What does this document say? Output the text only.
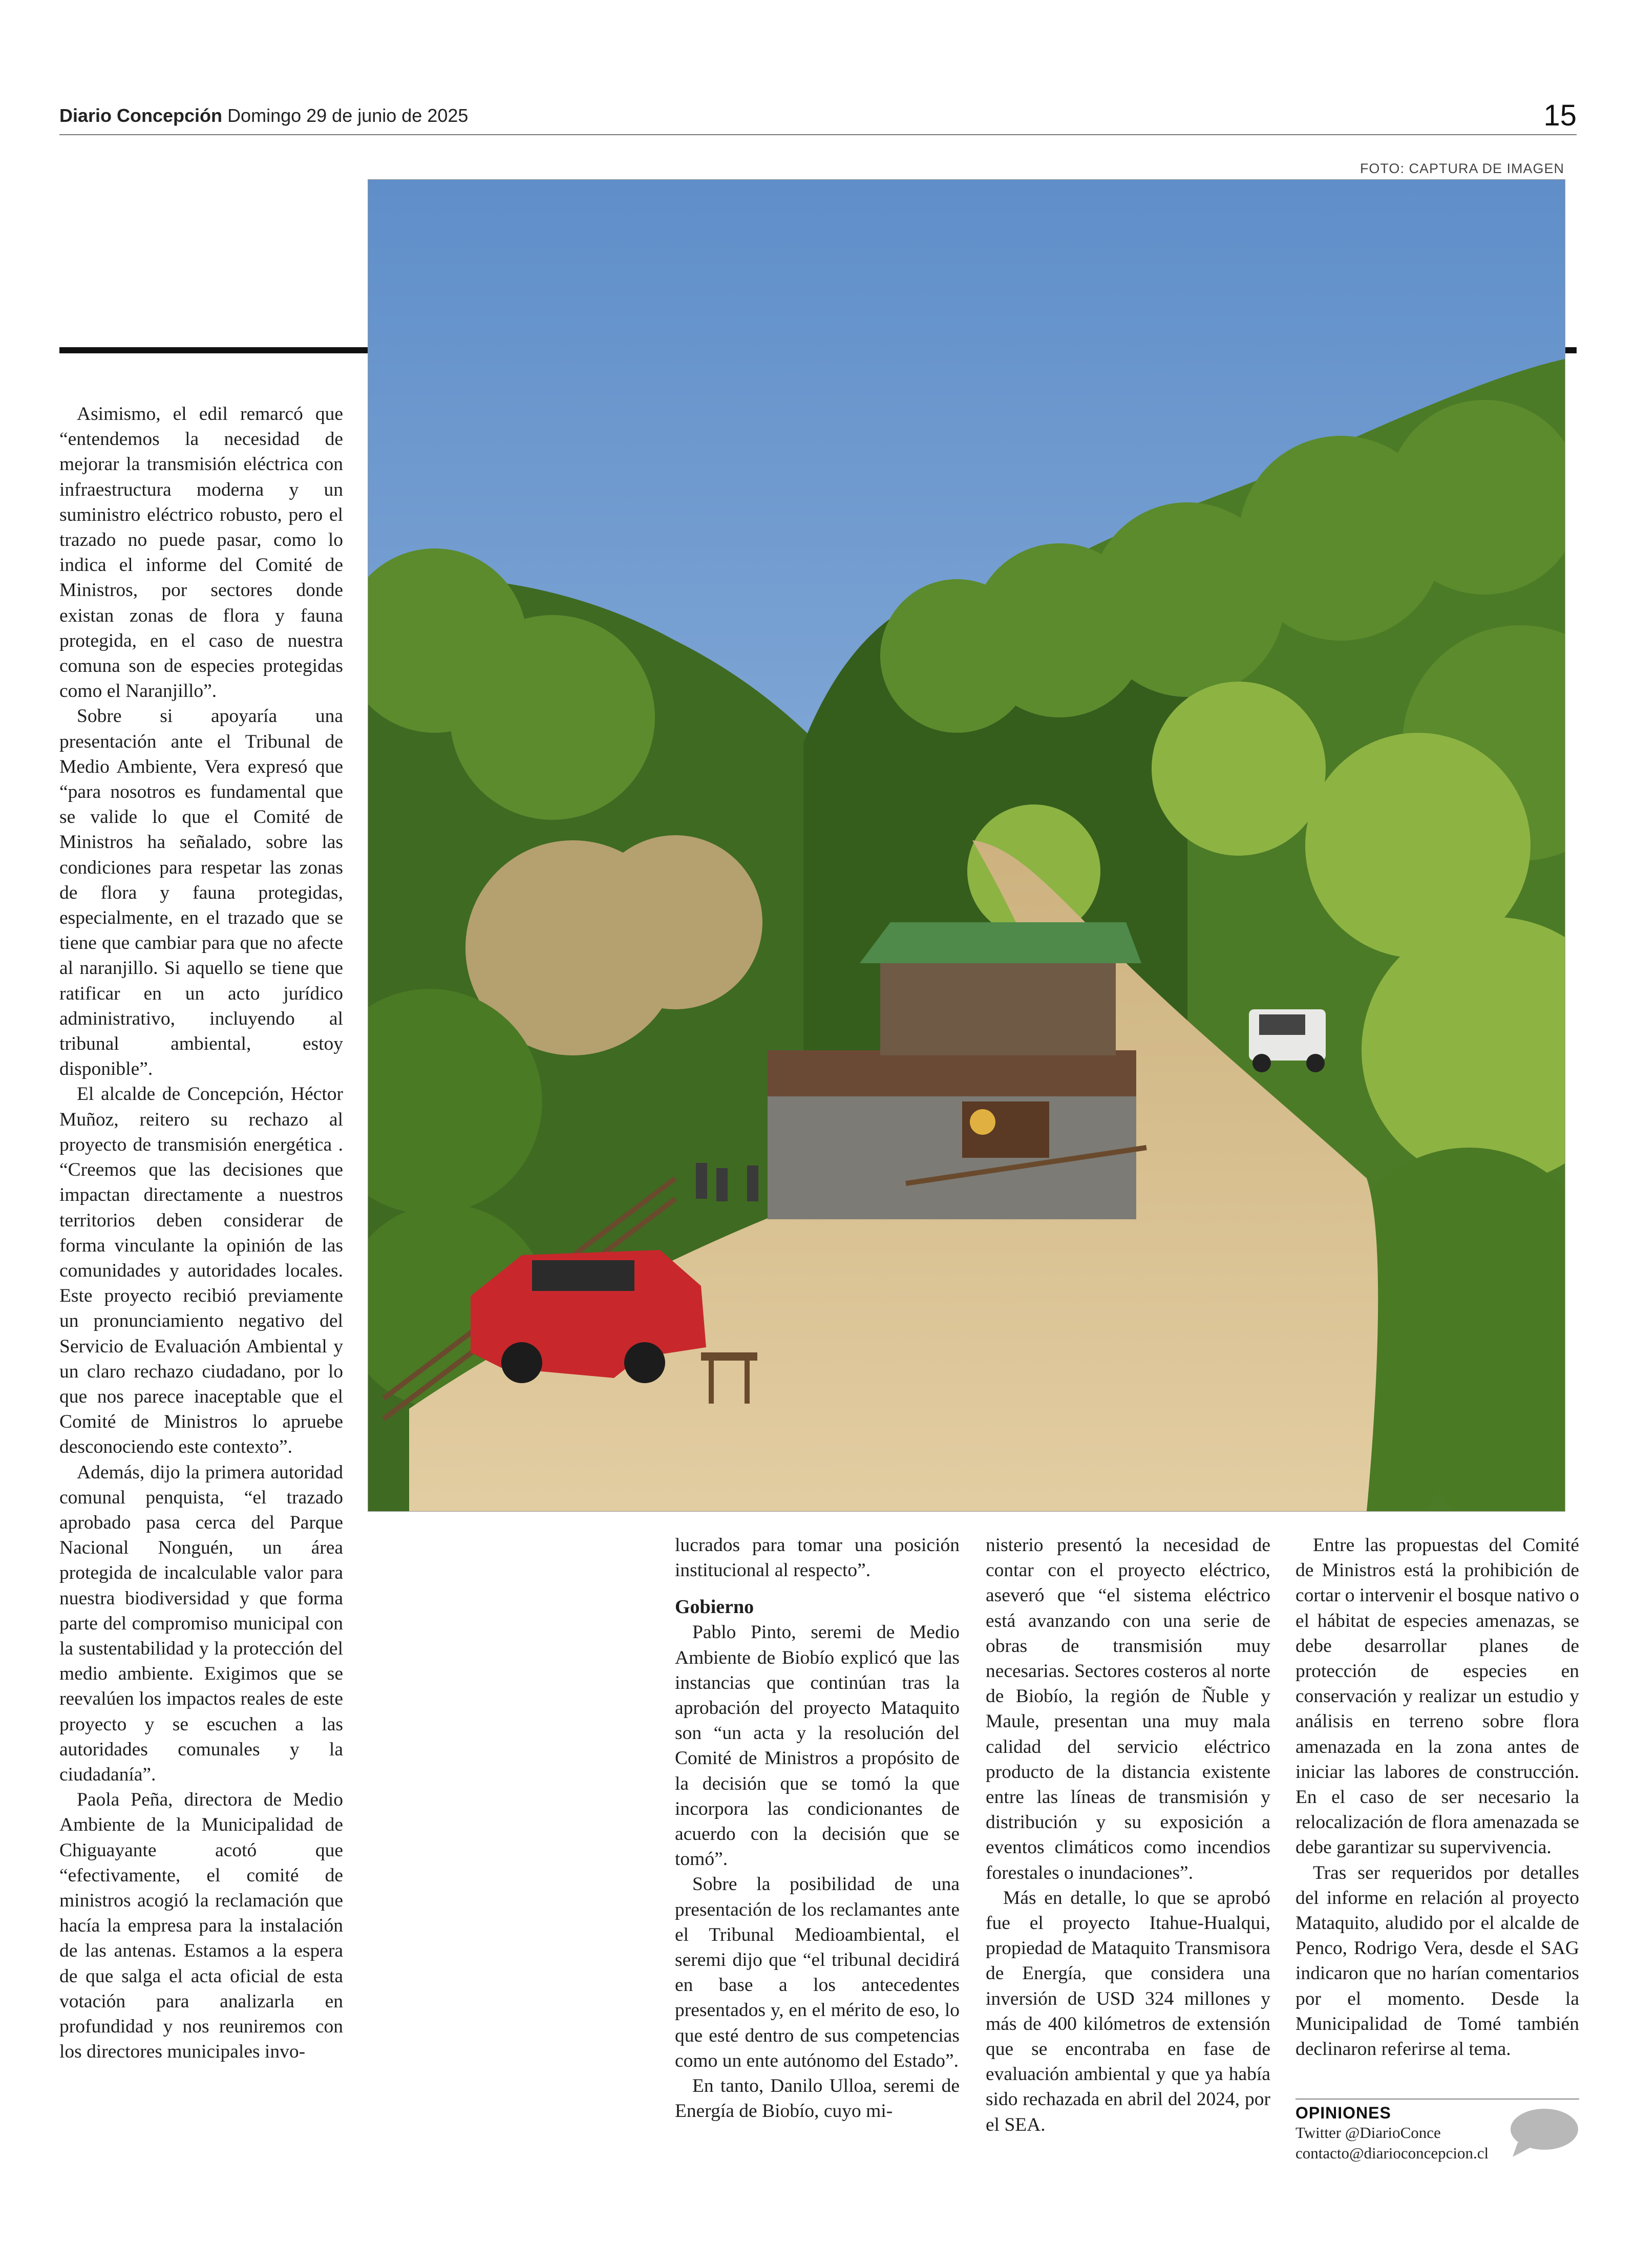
Diario Concepción Domingo 29 de junio de 2025	15
FOTO: CAPTURA DE IMAGEN

Asimismo, el edil remarcó que “entendemos la necesidad de mejorar la transmisión eléctrica con infraestructura moderna y un suministro eléctrico robusto, pero el trazado no puede pasar, como lo indica el informe del Comité de Ministros, por sectores donde existan zonas de flora y fauna protegida, en el caso de nuestra comuna son de especies protegidas como el Naranjillo”.

Sobre si apoyaría una presentación ante el Tribunal de Medio Ambiente, Vera expresó que “para nosotros es fundamental que se valide lo que el Comité de Ministros ha señalado, sobre las condiciones para respetar las zonas de flora y fauna protegidas, especialmente, en el trazado que se tiene que cambiar para que no afecte al naranjillo. Si aquello se tiene que ratificar en un acto jurídico administrativo, incluyendo al tribunal ambiental, estoy disponible”.

El alcalde de Concepción, Héctor Muñoz, reitero su rechazo al proyecto de transmisión energética . “Creemos que las decisiones que impactan directamente a nuestros territorios deben considerar de forma vinculante la opinión de las comunidades y autoridades locales. Este proyecto recibió previamente un pronunciamiento negativo del Servicio de Evaluación Ambiental y un claro rechazo ciudadano, por lo que nos parece inaceptable que el Comité de Ministros lo apruebe desconociendo este contexto”.

Además, dijo la primera autoridad comunal penquista, “el trazado aprobado pasa cerca del Parque Nacional Nonguén, un área protegida de incalculable valor para nuestra biodiversidad y que forma parte del compromiso municipal con la sustentabilidad y la protección del medio ambiente. Exigimos que se reevalúen los impactos reales de este proyecto y se escuchen a las autoridades comunales y la ciudadanía”.

Paola Peña, directora de Medio Ambiente de la Municipalidad de Chiguayante acotó que “efectivamente, el comité de ministros acogió la reclamación que hacía la empresa para la instalación de las antenas. Estamos a la espera de que salga el acta oficial de esta votación para analizarla en profundidad y nos reuniremos con los directores municipales invo-

lucrados para tomar una posición institucional al respecto”.

Gobierno

Pablo Pinto, seremi de Medio Ambiente de Biobío explicó que las instancias que continúan tras la aprobación del proyecto Mataquito son “un acta y la resolución del Comité de Ministros a propósito de la decisión que se tomó la que incorpora las condicionantes de acuerdo con la decisión que se tomó”.

Sobre la posibilidad de una presentación de los reclamantes ante el Tribunal Medioambiental, el seremi dijo que “el tribunal decidirá en base a los antecedentes presentados y, en el mérito de eso, lo que esté dentro de sus competencias como un ente autónomo del Estado”.

En tanto, Danilo Ulloa, seremi de Energía de Biobío, cuyo mi-

nisterio presentó la necesidad de contar con el proyecto eléctrico, aseveró que “el sistema eléctrico está avanzando con una serie de obras de transmisión muy necesarias. Sectores costeros al norte de Biobío, la región de Ñuble y Maule, presentan una muy mala calidad del servicio eléctrico producto de la distancia existente entre las líneas de transmisión y distribución y su exposición a eventos climáticos como incendios forestales o inundaciones”.

Más en detalle, lo que se aprobó fue el proyecto Itahue-Hualqui, propiedad de Mataquito Transmisora de Energía, que considera una inversión de USD 324 millones y más de 400 kilómetros de extensión que se encontraba en fase de evaluación ambiental y que ya había sido rechazada en abril del 2024, por el SEA.

Entre las propuestas del Comité de Ministros está la prohibición de cortar o intervenir el bosque nativo o el hábitat de especies amenazas, se debe desarrollar planes de protección de especies en conservación y realizar un estudio y análisis en terreno sobre flora amenazada en la zona antes de iniciar las labores de construcción. En el caso de ser necesario la relocalización de flora amenazada se debe garantizar su supervivencia.

Tras ser requeridos por detalles del informe en relación al proyecto Mataquito, aludido por el alcalde de Penco, Rodrigo Vera, desde el SAG indicaron que no harían comentarios por el momento. Desde la Municipalidad de Tomé también declinaron referirse al tema.

OPINIONES
Twitter @DiarioConce
contacto@diarioconcepcion.cl
